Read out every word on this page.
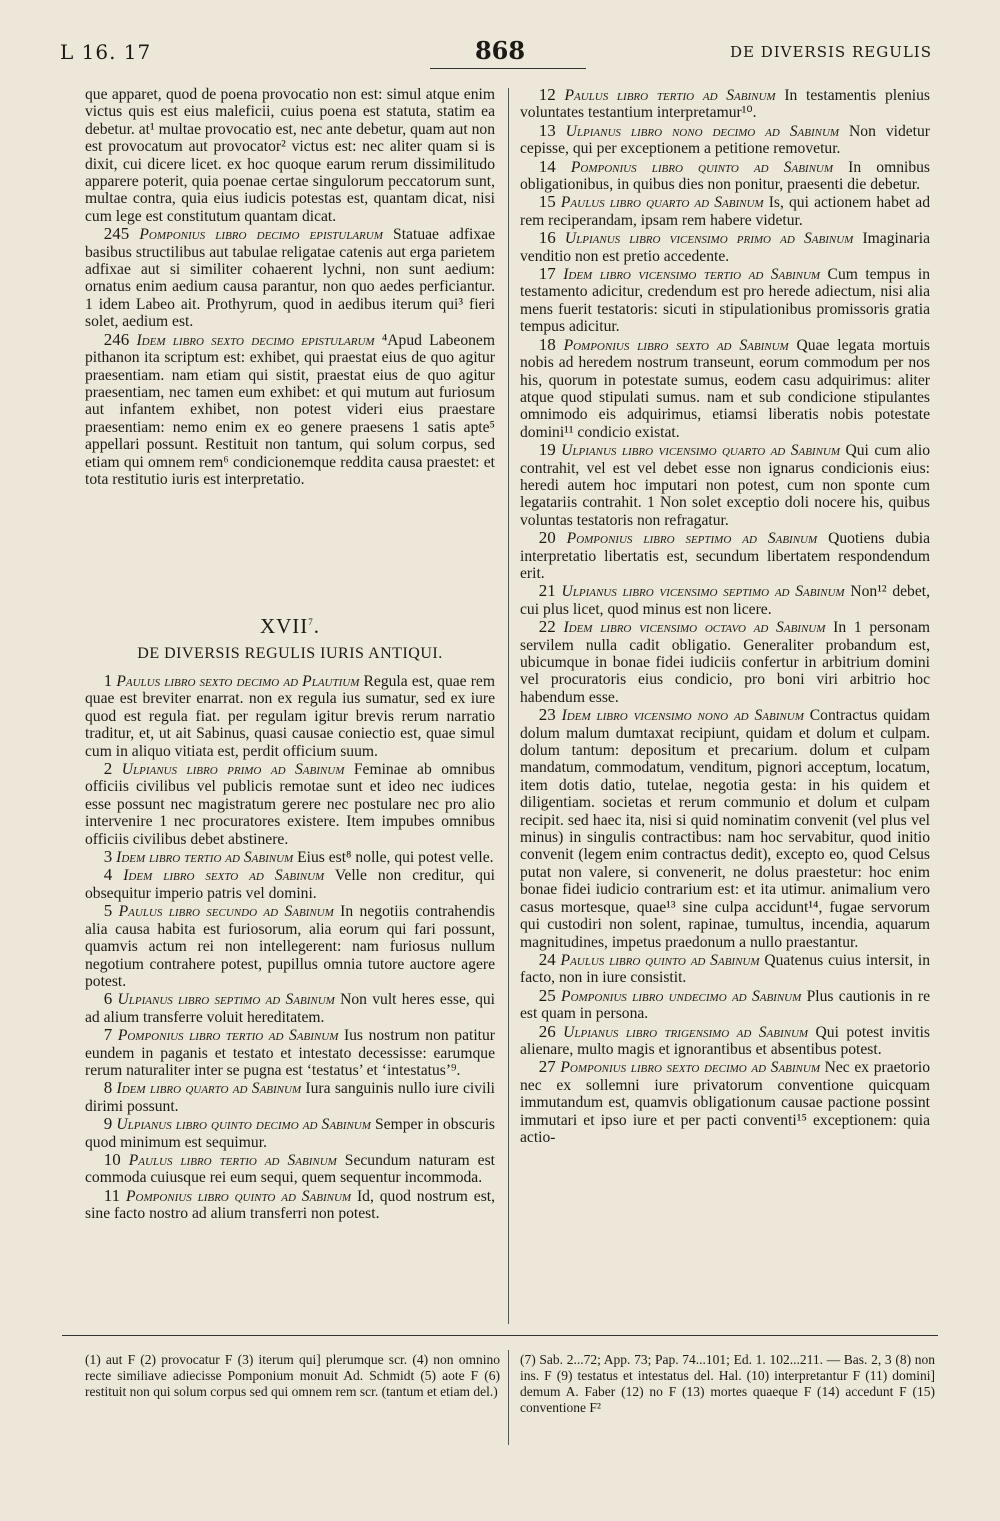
L 16. 17	868	DE DIVERSIS REGULIS

que apparet, quod de poena provocatio non est: simul atque enim victus quis est eius maleficii, cuius poena est statuta, statim ea debetur. at¹ multae provocatio est, nec ante debetur, quam aut non est provocatum aut provocator² victus est: nec aliter quam si is dixit, cui dicere licet. ex hoc quoque earum rerum dissimilitudo apparere poterit, quia poenae certae singulorum peccatorum sunt, multae contra, quia eius iudicis potestas est, quantam dicat, nisi cum lege est constitutum quantam dicat.

245 Pomponius libro decimo epistularum Statuae adfixae basibus structilibus aut tabulae religatae catenis aut erga parietem adfixae aut si similiter cohaerent lychni, non sunt aedium: ornatus enim aedium causa parantur, non quo aedes perficiantur. 1 idem Labeo ait. Prothyrum, quod in aedibus iterum qui³ fieri solet, aedium est.

246 Idem libro sexto decimo epistularum ⁴Apud Labeonem pithanon ita scriptum est: exhibet, qui praestat eius de quo agitur praesentiam. nam etiam qui sistit, praestat eius de quo agitur praesentiam, nec tamen eum exhibet: et qui mutum aut furiosum aut infantem exhibet, non potest videri eius praestare praesentiam: nemo enim ex eo genere praesens 1 satis apte⁵ appellari possunt. Restituit non tantum, qui solum corpus, sed etiam qui omnem rem⁶ condicionemque reddita causa praestet: et tota restitutio iuris est interpretatio.

XVII$^7$.
DE DIVERSIS REGULIS IURIS ANTIQUI.

1 Paulus libro sexto decimo ad Plautium Regula est, quae rem quae est breviter enarrat. non ex regula ius sumatur, sed ex iure quod est regula fiat. per regulam igitur brevis rerum narratio traditur, et, ut ait Sabinus, quasi causae coniectio est, quae simul cum in aliquo vitiata est, perdit officium suum.

2 Ulpianus libro primo ad Sabinum Feminae ab omnibus officiis civilibus vel publicis remotae sunt et ideo nec iudices esse possunt nec magistratum gerere nec postulare nec pro alio intervenire 1 nec procuratores existere. Item impubes omnibus officiis civilibus debet abstinere.

3 Idem libro tertio ad Sabinum Eius est⁸ nolle, qui potest velle.

4 Idem libro sexto ad Sabinum Velle non creditur, qui obsequitur imperio patris vel domini.

5 Paulus libro secundo ad Sabinum In negotiis contrahendis alia causa habita est furiosorum, alia eorum qui fari possunt, quamvis actum rei non intellegerent: nam furiosus nullum negotium contrahere potest, pupillus omnia tutore auctore agere potest.

6 Ulpianus libro septimo ad Sabinum Non vult heres esse, qui ad alium transferre voluit hereditatem.

7 Pomponius libro tertio ad Sabinum Ius nostrum non patitur eundem in paganis et testato et intestato decessisse: earumque rerum naturaliter inter se pugna est ‘testatus’ et ‘intestatus’⁹.

8 Idem libro quarto ad Sabinum Iura sanguinis nullo iure civili dirimi possunt.

9 Ulpianus libro quinto decimo ad Sabinum Semper in obscuris quod minimum est sequimur.

10 Paulus libro tertio ad Sabinum Secundum naturam est commoda cuiusque rei eum sequi, quem sequentur incommoda.

11 Pomponius libro quinto ad Sabinum Id, quod nostrum est, sine facto nostro ad alium transferri non potest.

12 Paulus libro tertio ad Sabinum In testamentis plenius voluntates testantium interpretamur¹⁰.

13 Ulpianus libro nono decimo ad Sabinum Non videtur cepisse, qui per exceptionem a petitione removetur.

14 Pomponius libro quinto ad Sabinum In omnibus obligationibus, in quibus dies non ponitur, praesenti die debetur.

15 Paulus libro quarto ad Sabinum Is, qui actionem habet ad rem reciperandam, ipsam rem habere videtur.

16 Ulpianus libro vicensimo primo ad Sabinum Imaginaria venditio non est pretio accedente.

17 Idem libro vicensimo tertio ad Sabinum Cum tempus in testamento adicitur, credendum est pro herede adiectum, nisi alia mens fuerit testatoris: sicuti in stipulationibus promissoris gratia tempus adicitur.

18 Pomponius libro sexto ad Sabinum Quae legata mortuis nobis ad heredem nostrum transeunt, eorum commodum per nos his, quorum in potestate sumus, eodem casu adquirimus: aliter atque quod stipulati sumus. nam et sub condicione stipulantes omnimodo eis adquirimus, etiamsi liberatis nobis potestate domini¹¹ condicio existat.

19 Ulpianus libro vicensimo quarto ad Sabinum Qui cum alio contrahit, vel est vel debet esse non ignarus condicionis eius: heredi autem hoc imputari non potest, cum non sponte cum legatariis contrahit. 1 Non solet exceptio doli nocere his, quibus voluntas testatoris non refragatur.

20 Pomponius libro septimo ad Sabinum Quotiens dubia interpretatio libertatis est, secundum libertatem respondendum erit.

21 Ulpianus libro vicensimo septimo ad Sabinum Non¹² debet, cui plus licet, quod minus est non licere.

22 Idem libro vicensimo octavo ad Sabinum In 1 personam servilem nulla cadit obligatio. Generaliter probandum est, ubicumque in bonae fidei iudiciis confertur in arbitrium domini vel procuratoris eius condicio, pro boni viri arbitrio hoc habendum esse.

23 Idem libro vicensimo nono ad Sabinum Contractus quidam dolum malum dumtaxat recipiunt, quidam et dolum et culpam. dolum tantum: depositum et precarium. dolum et culpam mandatum, commodatum, venditum, pignori acceptum, locatum, item dotis datio, tutelae, negotia gesta: in his quidem et diligentiam. societas et rerum communio et dolum et culpam recipit. sed haec ita, nisi si quid nominatim convenit (vel plus vel minus) in singulis contractibus: nam hoc servabitur, quod initio convenit (legem enim contractus dedit), excepto eo, quod Celsus putat non valere, si convenerit, ne dolus praestetur: hoc enim bonae fidei iudicio contrarium est: et ita utimur. animalium vero casus mortesque, quae¹³ sine culpa accidunt¹⁴, fugae servorum qui custodiri non solent, rapinae, tumultus, incendia, aquarum magnitudines, impetus praedonum a nullo praestantur.

24 Paulus libro quinto ad Sabinum Quatenus cuius intersit, in facto, non in iure consistit.

25 Pomponius libro undecimo ad Sabinum Plus cautionis in re est quam in persona.

26 Ulpianus libro trigensimo ad Sabinum Qui potest invitis alienare, multo magis et ignorantibus et absentibus potest.

27 Pomponius libro sexto decimo ad Sabinum Nec ex praetorio nec ex sollemni iure privatorum conventione quicquam immutandum est, quamvis obligationum causae pactione possint immutari et ipso iure et per pacti conventi¹⁵ exceptionem: quia actio-

(1) aut F (2) provocatur F (3) iterum qui] plerumque scr. (4) non omnino recte similiave adiecisse Pomponium monuit Ad. Schmidt (5) aote F (6) restituit non qui solum corpus sed qui omnem rem scr. (tantum et etiam del.)
(7) Sab. 2...72; App. 73; Pap. 74...101; Ed. 1. 102...211. — Bas. 2, 3 (8) non ins. F (9) testatus et intestatus del. Hal. (10) interpretantur F (11) domini] demum A. Faber (12) no F (13) mortes quaeque F (14) accedunt F (15) conventione F²
